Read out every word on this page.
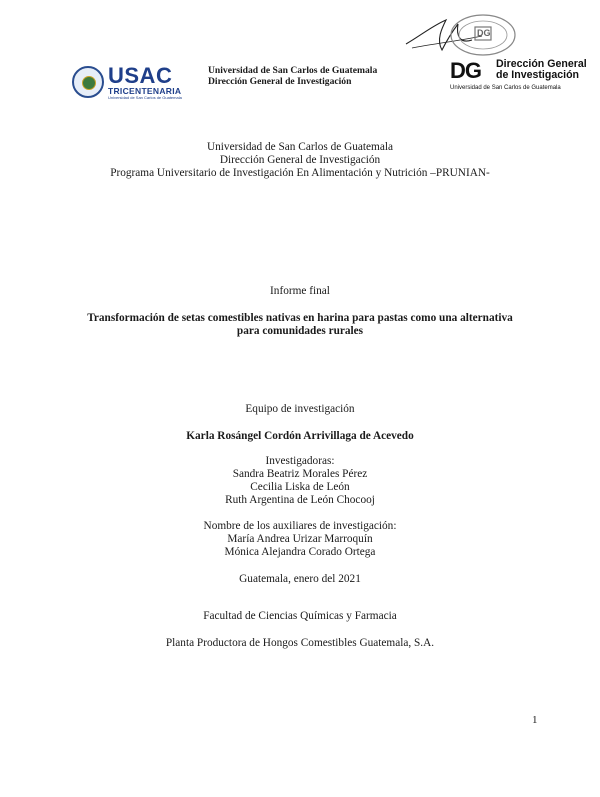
DG
USAC
TRICENTENARIA
Universidad de San Carlos de Guatemala
Universidad de San Carlos de Guatemala
Dirección General de Investigación	DG Dirección General
de Investigación
Universidad de San Carlos de Guatemala
Universidad de San Carlos de Guatemala
Dirección General de Investigación
Programa Universitario de Investigación En Alimentación y Nutrición –PRUNIAN-
Informe final
Transformación de setas comestibles nativas en harina para pastas como una alternativa
para comunidades rurales
Equipo de investigación
Karla Rosángel Cordón Arrivillaga de Acevedo
Investigadoras:
Sandra Beatriz Morales Pérez
Cecilia Liska de León
Ruth Argentina de León Chocooj
Nombre de los auxiliares de investigación:
María Andrea Urizar Marroquín
Mónica Alejandra Corado Ortega
Guatemala, enero del 2021
Facultad de Ciencias Químicas y Farmacia
Planta Productora de Hongos Comestibles Guatemala, S.A.
1
